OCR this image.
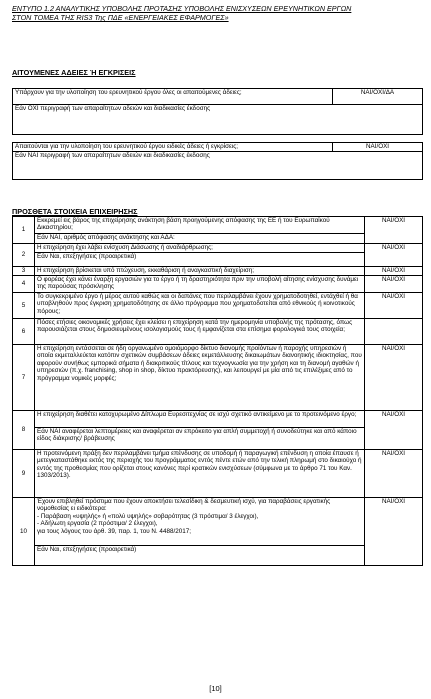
ΕΝΤΥΠΟ 1.2 ΑΝΑΛΥΤΙΚΗΣ ΥΠΟΒΟΛΗΣ ΠΡΟΤΑΣΗΣ ΥΠΟΒΟΛΗΣ ΕΝΙΣΧΥΣΕΩΝ ΕΡΕΥΝΗΤΙΚΩΝ ΕΡΓΩΝ
ΣΤΟΝ ΤΟΜΕΑ ΤΗΣ RIS3 Της ΠΔΕ «ΕΝΕΡΓΕΙΑΚΕΣ ΕΦΑΡΜΟΓΕΣ»
ΑΙΤΟΥΜΕΝΕΣ ΑΔΕΙΕΣ Ή ΕΓΚΡΙΣΕΙΣ
Υπάρχουν για την υλοποίηση του ερευνητικού έργου όλες οι απαιτούμενες άδειες;	ΝΑΙ/ΟΧΙ/ΔΑ
Εάν ΟΧΙ περιγραφή των απαραίτητων αδειών και διαδικασίες έκδοσης
Απαιτούνται για την υλοποίηση του ερευνητικού έργου ειδικές άδειες ή εγκρίσεις;	ΝΑΙ/ΟΧΙ
Εάν ΝΑΙ περιγραφή των απαραίτητων αδειών και διαδικασίες έκδοσης
ΠΡΟΣΘΕΤΑ ΣΤΟΙΧΕΙΑ ΕΠΙΧΕΙΡΗΣΗΣ
1	Εκκρεμεί εις βάρος της επιχείρησης ανάκτηση βάση προηγούμενης απόφασης της ΕΕ ή του Ευρωπαϊκού Δικαστηρίου;	ΝΑΙ/ΟΧΙ
	Εάν ΝΑΙ, αριθμός απόφασης ανάκτησης και ΑΔΑ:	
2	Η επιχείρηση έχει λάβει ενίσχυση Διάσωσης ή αναδιάρθρωσης;	ΝΑΙ/ΟΧΙ
	Εάν Ναι, επεξηγήσεις (προαιρετικά)	
3	Η επιχείρηση βρίσκεται υπό πτώχευση, εκκαθάριση ή αναγκαστική διαχείριση;	ΝΑΙ/ΟΧΙ
4	Ο φορέας έχει κάνει έναρξη εργασιών για το έργο ή τη δραστηριότητα πριν την υποβολή αίτησης ενίσχυσης δυνάμει της παρούσας πρόσκλησης	ΝΑΙ/ΟΧΙ
5	Το συγκεκριμένο έργο ή μέρος αυτού καθώς και οι δαπάνες που περιλαμβάνει έχουν χρηματοδοτηθεί, εντάχθεί ή θα υποβληθούν προς έγκριση χρηματοδότησης σε άλλο πρόγραμμα που χρηματοδοτείται από εθνικούς ή κοινοτικούς πόρους;	ΝΑΙ/ΟΧΙ
6	Πόσες ετήσιες οικονομικές χρήσεις έχει κλείσει η επιχείρηση κατά την ημερομηνία υποβολής της πρότασης, όπως παρουσιάζεται στους δημοσιευμένους ισολογισμούς τους ή εμφανίζεται στα επίσημα φορολογικά τους στοιχεία;	
7	Η επιχείρηση εντάσσεται σε ήδη οργανωμένο ομοιόμορφο δίκτυο διανομής προϊόντων ή παροχής υπηρεσιών ή οποία εκμεταλλεύεται κατόπιν σχετικών συμβάσεων άδειες εκμετάλλευσης δικαιωμάτων διανοητικής ιδιοκτησίας, που αφορούν συνήθως εμπορικά σήματα ή διακριτικούς τίτλους και τεχνογνωσία για την χρήση και τη διανομή αγαθών ή υπηρεσιών (π.χ. franchising, shop in shop, δίκτυο πρακτόρευσης), και λειτουργεί με μία από τις επιλέξιμες από το πρόγραμμα νομικές μορφές;	ΝΑΙ/ΟΧΙ
8	Η επιχείρηση διαθέτει κατοχυρωμένο Δίπλωμα Ευρεσιτεχνίας σε ισχύ σχετικό αντικείμενο με το προτεινόμενο έργο;	ΝΑΙ/ΟΧΙ
	Εάν ΝΑΙ αναφέρεται λεπτομέρειες και αναφέρεται αν επρόκειτο για απλή συμμετοχή ή συνοδεύτηκε και από κάποιο είδος διάκρισης/ βράβευσης	
9	Η προτεινόμενη πράξη δεν περιλαμβάνει τμήμα επένδυσης σε υποδομή ή παραγωγική επένδυση η οποία έπαυσε ή μετεγκαταστάθηκε εκτός της περιοχής του προγράμματος εντός πέντε ετών από την τελική πληρωμή στο δικαιούχο ή εντός της προθεσμίας που ορίζεται στους κανόνες περί κρατικών ενισχύσεων (σύμφωνα με το άρθρο 71 του Καν. 1303/2013).	ΝΑΙ/ΟΧΙ
10	Έχουν επιβληθεί πρόστιμα που έχουν αποκτήσει τελεσίδικη & δεσμευτική ισχύ, για παραβάσεις εργατικής νομοθεσίας ει ειδικότερα:
- Παράβαση «υψηλής» ή «πολύ υψηλής» σοβαρότητας (3 πρόστιμα/ 3 έλεγχοι),
- Αδήλωτη εργασία (2 πρόστιμα/ 2 έλεγχοι),
για τους λόγους του άρθ. 39, παρ. 1, του Ν. 4488/2017;	ΝΑΙ/ΟΧΙ
	Εάν Ναι, επεξηγήσεις (προαιρετικά)	
[10]
